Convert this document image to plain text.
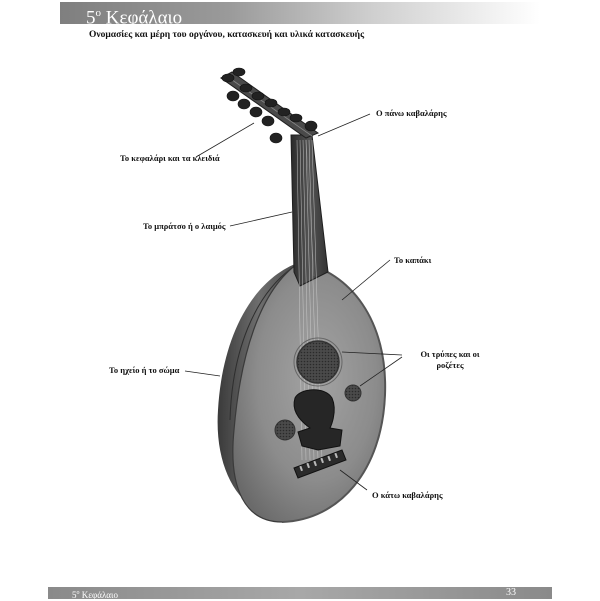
$5^o$ Κεφάλαιο
Ονομασίες και μέρη του οργάνου, κατασκευή και υλικά κατασκευής
Το κεφαλάρι και τα κλειδιά
Ο πάνω καβαλάρης
Το μπράτσο ή ο λαιμός
Το καπάκι
Οι τρύπες και οι
ροζέτες
Το ηχείο ή το σώμα
Ο κάτω καβαλάρης
$5^o$ Κεφάλαιο	33
